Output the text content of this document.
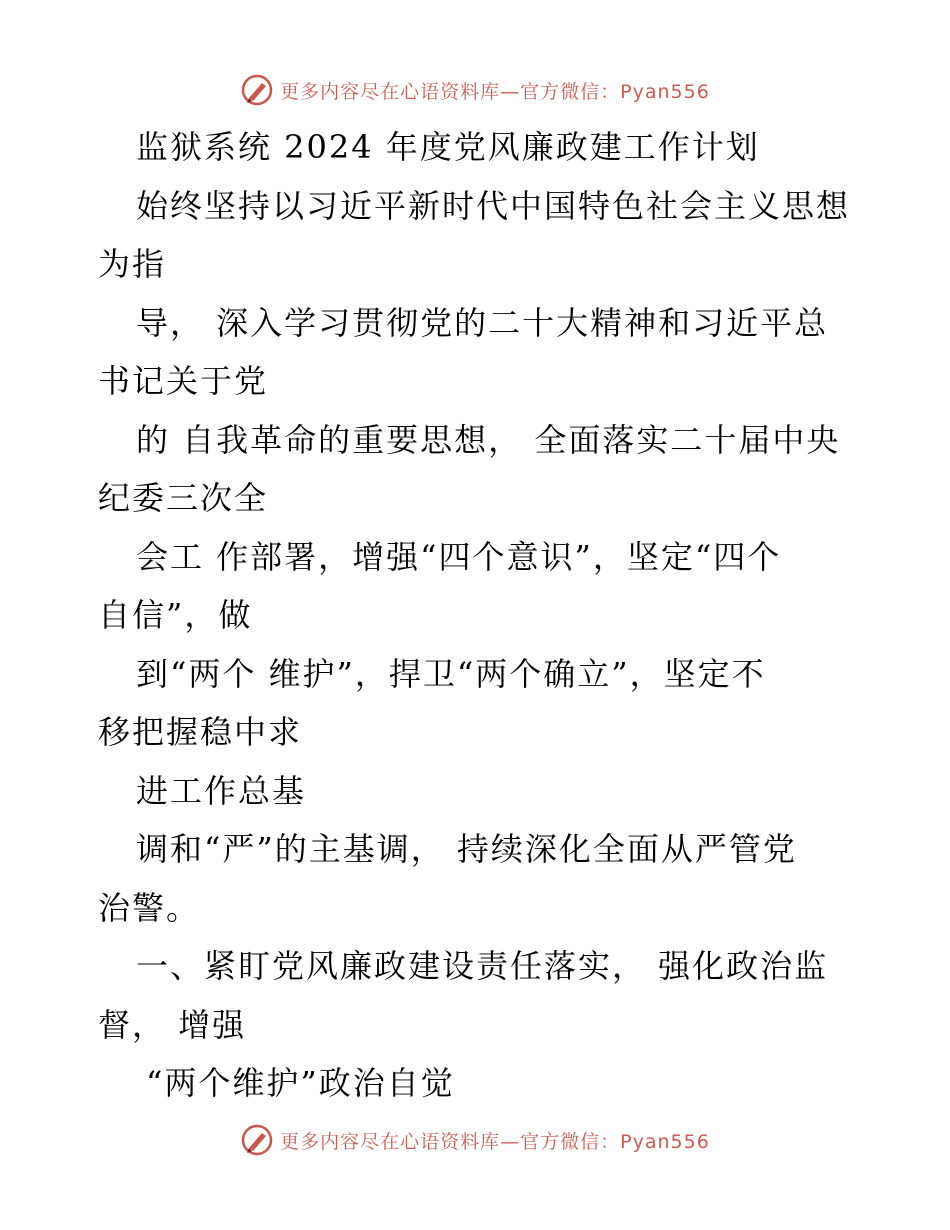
更多内容尽在心语资料库—官方微信：Pyan556
监狱系统 2024 年度党风廉政建工作计划
始终坚持以习近平新时代中国特色社会主义思想
为指
导， 深入学习贯彻党的二十大精神和习近平总
书记关于党
的 自我革命的重要思想， 全面落实二十届中央
纪委三次全
会工 作部署，增强“四个意识”，坚定“四个
自信”，做
到“两个 维护”，捍卫“两个确立”，坚定不
移把握稳中求
进工作总基
调和“严”的主基调， 持续深化全面从严管党
治警。
一、紧盯党风廉政建设责任落实， 强化政治监
督， 增强
“两个维护”政治自觉
更多内容尽在心语资料库—官方微信：Pyan556
